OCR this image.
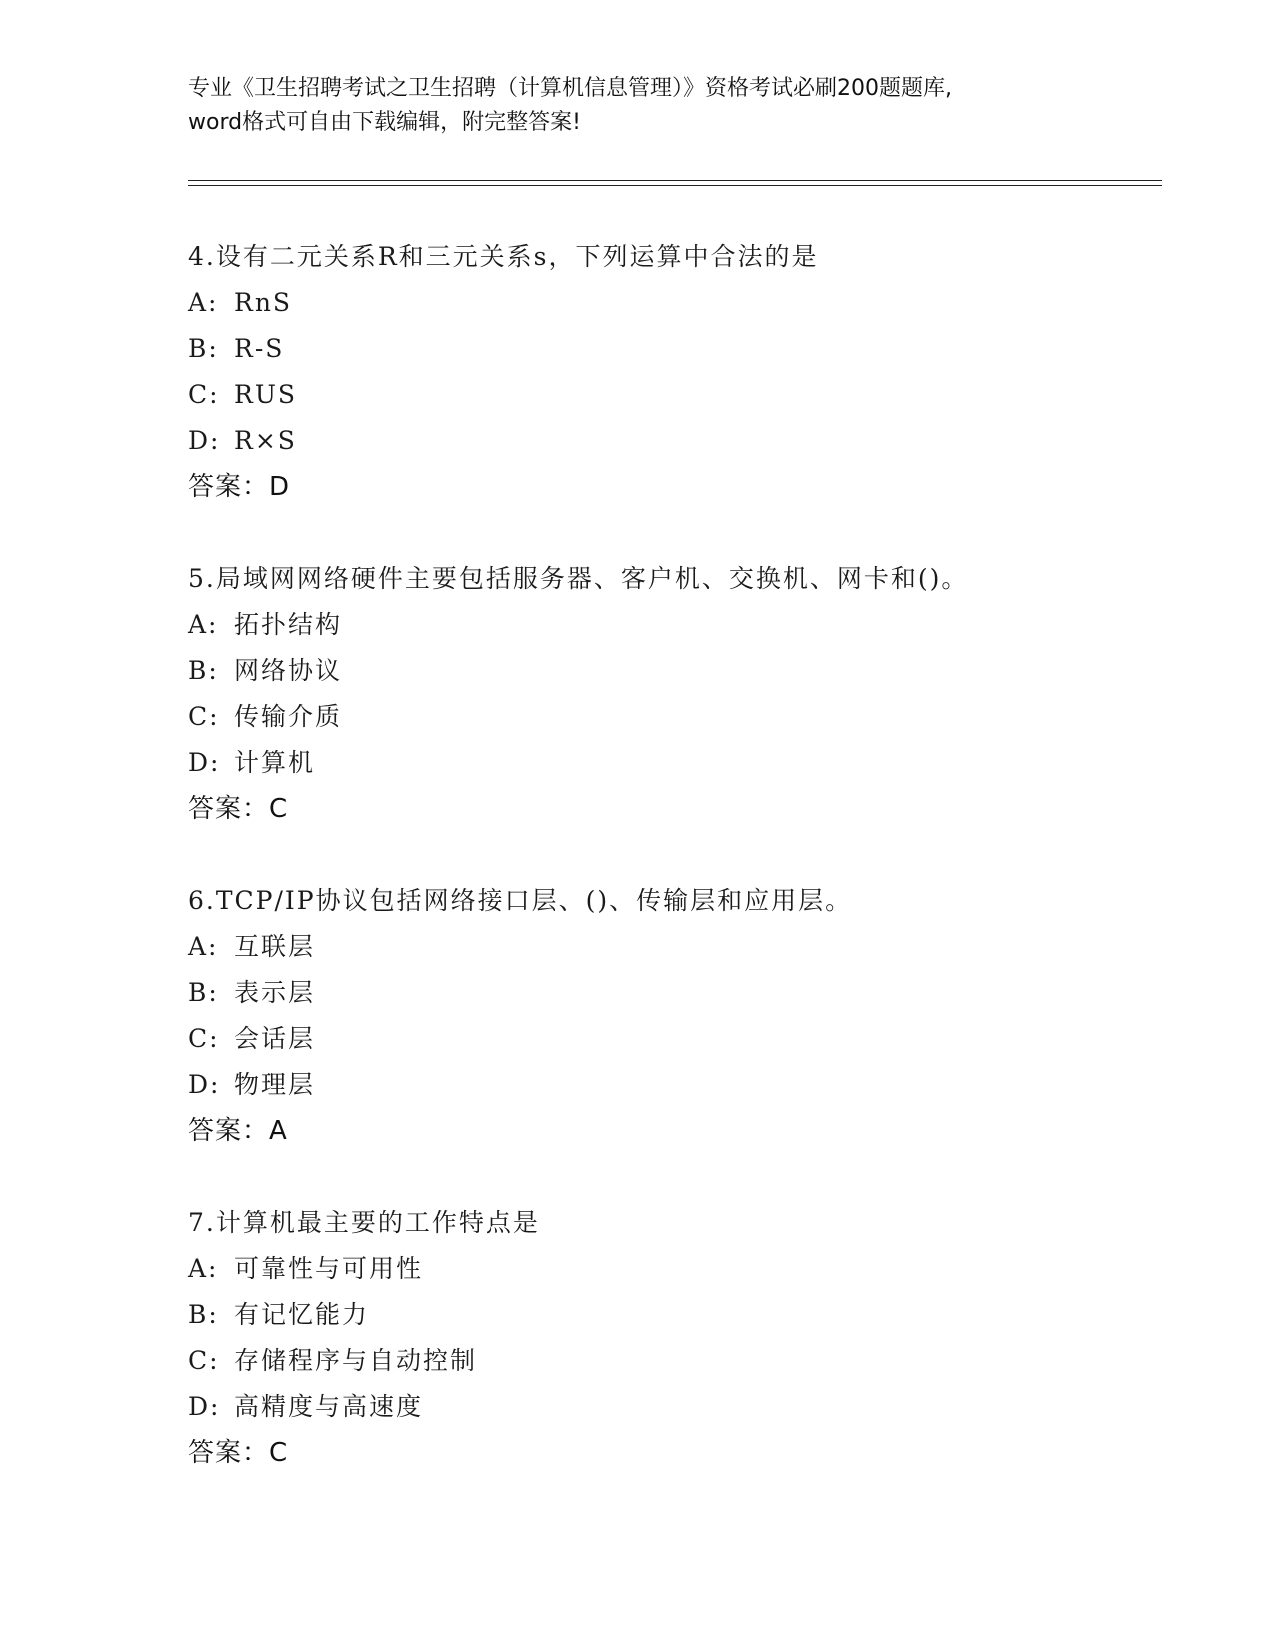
专业《卫生招聘考试之卫生招聘（计算机信息管理）》资格考试必刷200题题库,
word格式可自由下载编辑，附完整答案!
4.设有二元关系R和三元关系s，下列运算中合法的是
A: RnS
B: R-S
C: RUS
D: R×S
答案：D
5.局域网网络硬件主要包括服务器、客户机、交换机、网卡和()。
A: 拓扑结构
B: 网络协议
C: 传输介质
D: 计算机
答案：C
6.TCP/IP协议包括网络接口层、()、传输层和应用层。
A: 互联层
B: 表示层
C: 会话层
D: 物理层
答案：A
7.计算机最主要的工作特点是
A: 可靠性与可用性
B: 有记忆能力
C: 存储程序与自动控制
D: 高精度与高速度
答案：C
